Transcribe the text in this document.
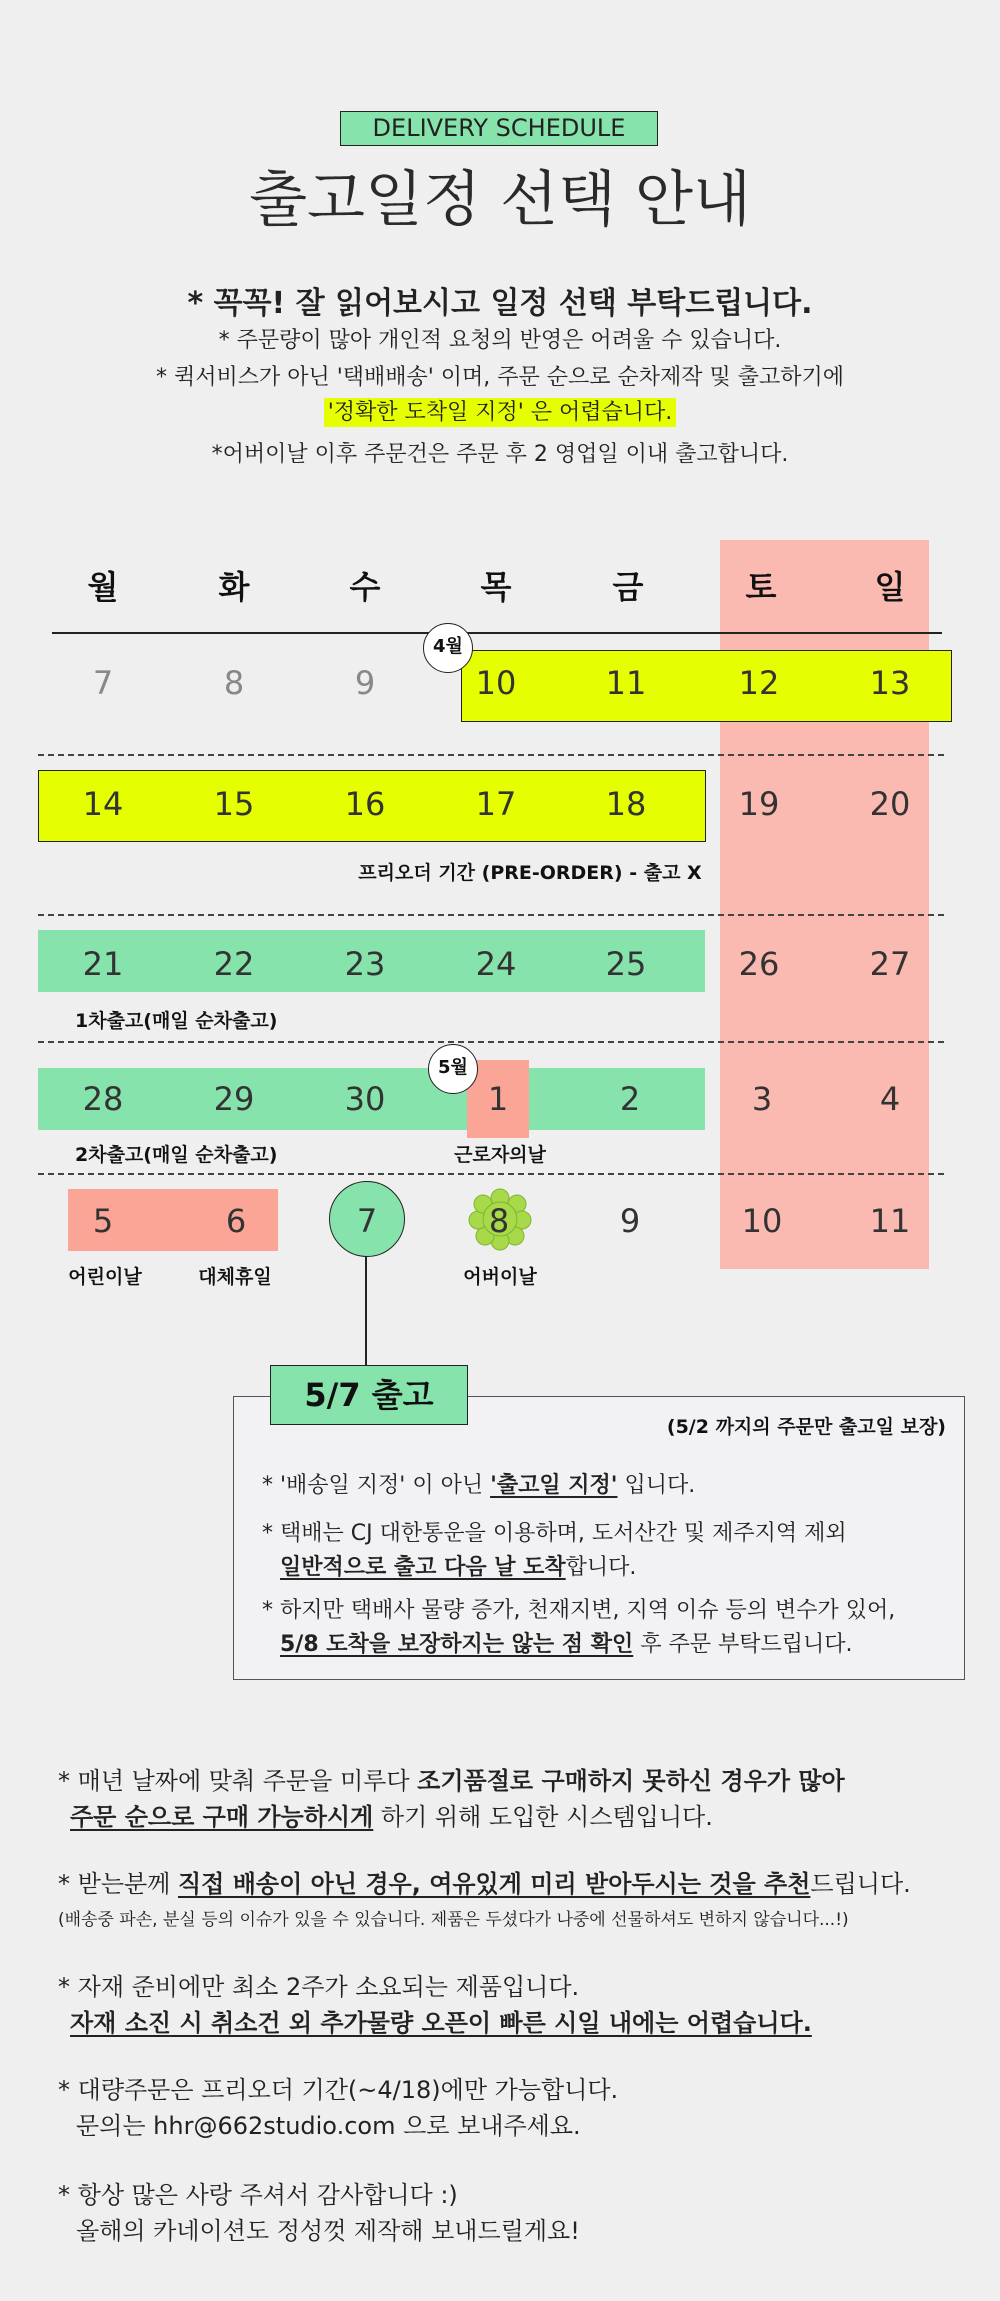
DELIVERY SCHEDULE
출고일정 선택 안내
* 꼭꼭! 잘 읽어보시고 일정 선택 부탁드립니다.
* 주문량이 많아 개인적 요청의 반영은 어려울 수 있습니다.
* 퀵서비스가 아닌 '택배배송' 이며, 주문 순으로 순차제작 및 출고하기에
'정확한 도착일 지정' 은 어렵습니다.
*어버이날 이후 주문건은 주문 후 2 영업일 이내 출고합니다.
월	화	수	목	금	토	일
4월
7	8	9	10	11	12	13
14	15	16	17	18	19	20
프리오더 기간 (PRE-ORDER) - 출고 X
21	22	23	24	25	26	27
1차출고(매일 순차출고)
5월
28	29	30	1	2	3	4
2차출고(매일 순차출고)	근로자의날
5	6	7	8	9	10	11
어린이날	대체휴일	어버이날
5/7 출고
(5/2 까지의 주문만 출고일 보장)
* '배송일 지정' 이 아닌 '출고일 지정' 입니다.
* 택배는 CJ 대한통운을 이용하며, 도서산간 및 제주지역 제외
일반적으로 출고 다음 날 도착합니다.
* 하지만 택배사 물량 증가, 천재지변, 지역 이슈 등의 변수가 있어,
5/8 도착을 보장하지는 않는 점 확인 후 주문 부탁드립니다.
* 매년 날짜에 맞춰 주문을 미루다 조기품절로 구매하지 못하신 경우가 많아
주문 순으로 구매 가능하시게 하기 위해 도입한 시스템입니다.
* 받는분께 직접 배송이 아닌 경우, 여유있게 미리 받아두시는 것을 추천드립니다.
(배송중 파손, 분실 등의 이슈가 있을 수 있습니다. 제품은 두셨다가 나중에 선물하셔도 변하지 않습니다...!)
* 자재 준비에만 최소 2주가 소요되는 제품입니다.
자재 소진 시 취소건 외 추가물량 오픈이 빠른 시일 내에는 어렵습니다.
* 대량주문은 프리오더 기간(~4/18)에만 가능합니다.
문의는 hhr@662studio.com 으로 보내주세요.
* 항상 많은 사랑 주셔서 감사합니다 :)
올해의 카네이션도 정성껏 제작해 보내드릴게요!
